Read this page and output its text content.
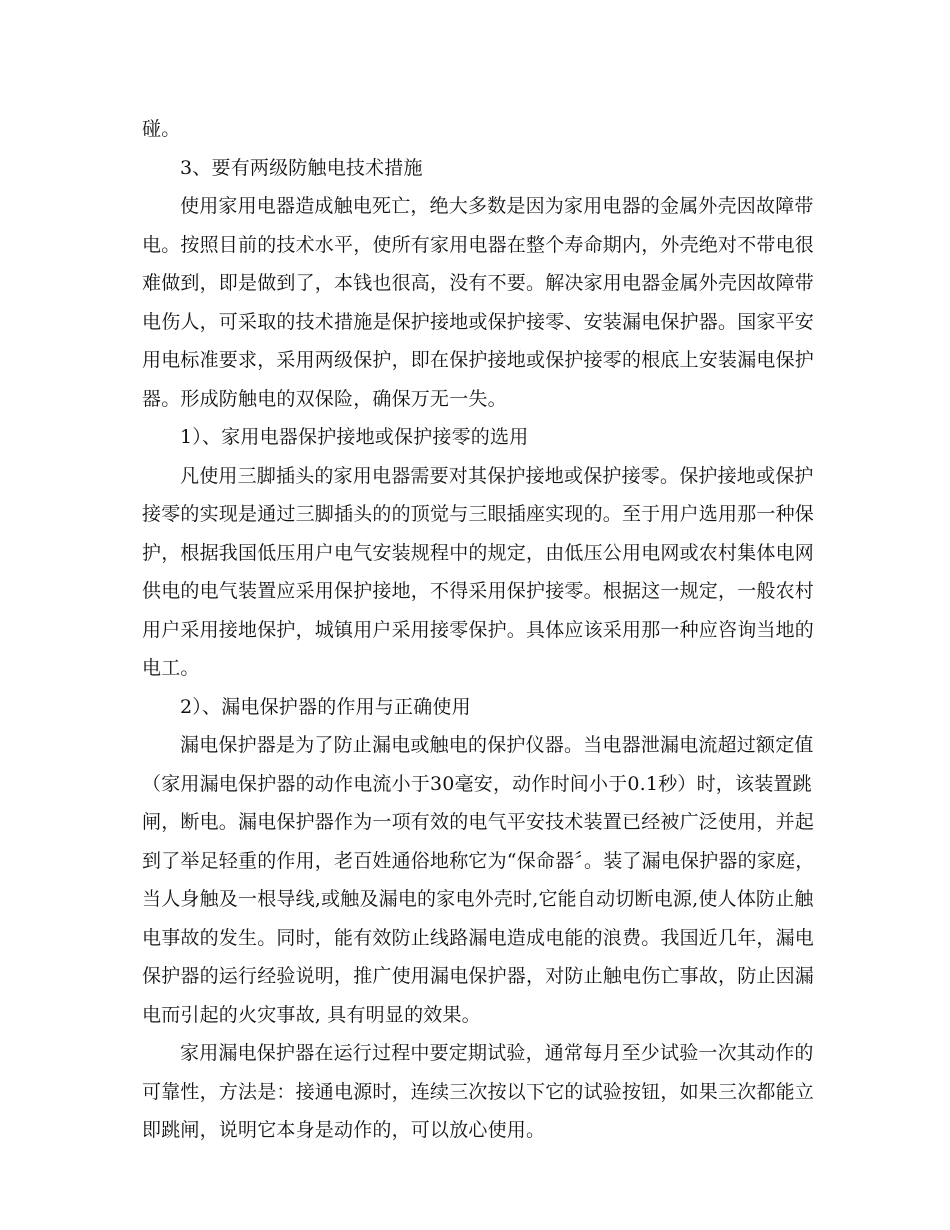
碰。
3、要有两级防触电技术措施
使用家用电器造成触电死亡，绝大多数是因为家用电器的金属外壳因故障带
电。按照目前的技术水平，使所有家用电器在整个寿命期内，外壳绝对不带电很
难做到，即是做到了，本钱也很高，没有不要。解决家用电器金属外壳因故障带
电伤人，可采取的技术措施是保护接地或保护接零、安装漏电保护器。国家平安
用电标准要求，采用两级保护，即在保护接地或保护接零的根底上安装漏电保护
器。形成防触电的双保险，确保万无一失。
1）、家用电器保护接地或保护接零的选用
凡使用三脚插头的家用电器需要对其保护接地或保护接零。保护接地或保护
接零的实现是通过三脚插头的的顶觉与三眼插座实现的。至于用户选用那一种保
护，根据我国低压用户电气安装规程中的规定，由低压公用电网或农村集体电网
供电的电气装置应采用保护接地，不得采用保护接零。根据这一规定，一般农村
用户采用接地保护，城镇用户采用接零保护。具体应该采用那一种应咨询当地的
电工。
2）、漏电保护器的作用与正确使用
漏电保护器是为了防止漏电或触电的保护仪器。当电器泄漏电流超过额定值
（家用漏电保护器的动作电流小于30毫安，动作时间小于0.1秒）时，该装置跳
闸，断电。漏电保护器作为一项有效的电气平安技术装置已经被广泛使用，并起
到了举足轻重的作用，老百姓通俗地称它为“保命器〞。装了漏电保护器的家庭，
当人身触及一根导线,或触及漏电的家电外壳时,它能自动切断电源,使人体防止触
电事故的发生。同时，能有效防止线路漏电造成电能的浪费。我国近几年，漏电
保护器的运行经验说明，推广使用漏电保护器，对防止触电伤亡事故，防止因漏
电而引起的火灾事故, 具有明显的效果。
家用漏电保护器在运行过程中要定期试验，通常每月至少试验一次其动作的
可靠性，方法是：接通电源时，连续三次按以下它的试验按钮，如果三次都能立
即跳闸，说明它本身是动作的，可以放心使用。
